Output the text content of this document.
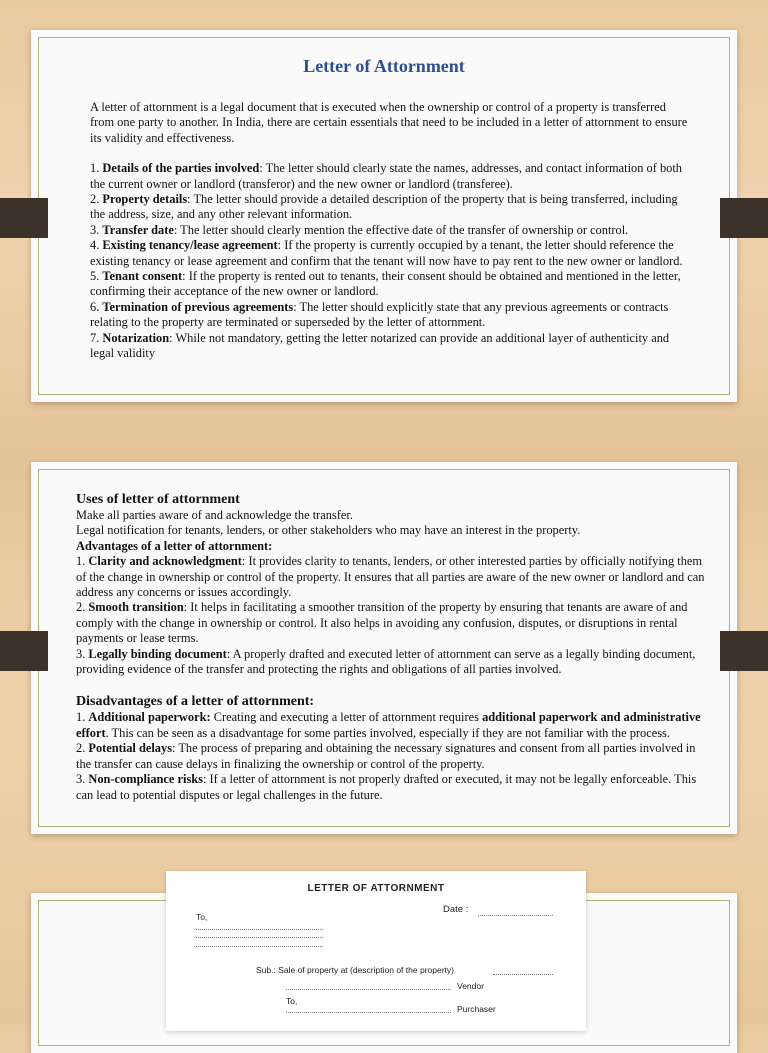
Letter of Attornment

A letter of attornment is a legal document that is executed when the ownership or control of a property is transferred from one party to another. In India, there are certain essentials that need to be included in a letter of attornment to ensure its validity and effectiveness.

1. Details of the parties involved: The letter should clearly state the names, addresses, and contact information of both the current owner or landlord (transferor) and the new owner or landlord (transferee).

2. Property details: The letter should provide a detailed description of the property that is being transferred, including the address, size, and any other relevant information.

3. Transfer date: The letter should clearly mention the effective date of the transfer of ownership or control.

4. Existing tenancy/lease agreement: If the property is currently occupied by a tenant, the letter should reference the existing tenancy or lease agreement and confirm that the tenant will now have to pay rent to the new owner or landlord.

5. Tenant consent: If the property is rented out to tenants, their consent should be obtained and mentioned in the letter, confirming their acceptance of the new owner or landlord.

6. Termination of previous agreements: The letter should explicitly state that any previous agreements or contracts relating to the property are terminated or superseded by the letter of attornment.

7. Notarization: While not mandatory, getting the letter notarized can provide an additional layer of authenticity and legal validity

Uses of letter of attornment

Make all parties aware of and acknowledge the transfer.

Legal notification for tenants, lenders, or other stakeholders who may have an interest in the property.

Advantages of a letter of attornment:

1. Clarity and acknowledgment: It provides clarity to tenants, lenders, or other interested parties by officially notifying them of the change in ownership or control of the property. It ensures that all parties are aware of the new owner or landlord and can address any concerns or issues accordingly.

2. Smooth transition: It helps in facilitating a smoother transition of the property by ensuring that tenants are aware of and comply with the change in ownership or control. It also helps in avoiding any confusion, disputes, or disruptions in rental payments or lease terms.

3. Legally binding document: A properly drafted and executed letter of attornment can serve as a legally binding document, providing evidence of the transfer and protecting the rights and obligations of all parties involved.

Disadvantages of a letter of attornment:

1. Additional paperwork: Creating and executing a letter of attornment requires additional paperwork and administrative effort. This can be seen as a disadvantage for some parties involved, especially if they are not familiar with the process.

2. Potential delays: The process of preparing and obtaining the necessary signatures and consent from all parties involved in the transfer can cause delays in finalizing the ownership or control of the property.

3. Non-compliance risks: If a letter of attornment is not properly drafted or executed, it may not be legally enforceable. This can lead to potential disputes or legal challenges in the future.

LETTER OF ATTORNMENT
Date :
To,
Sub.: Sale of property at (description of the property)
Vendor
To,
Purchaser
